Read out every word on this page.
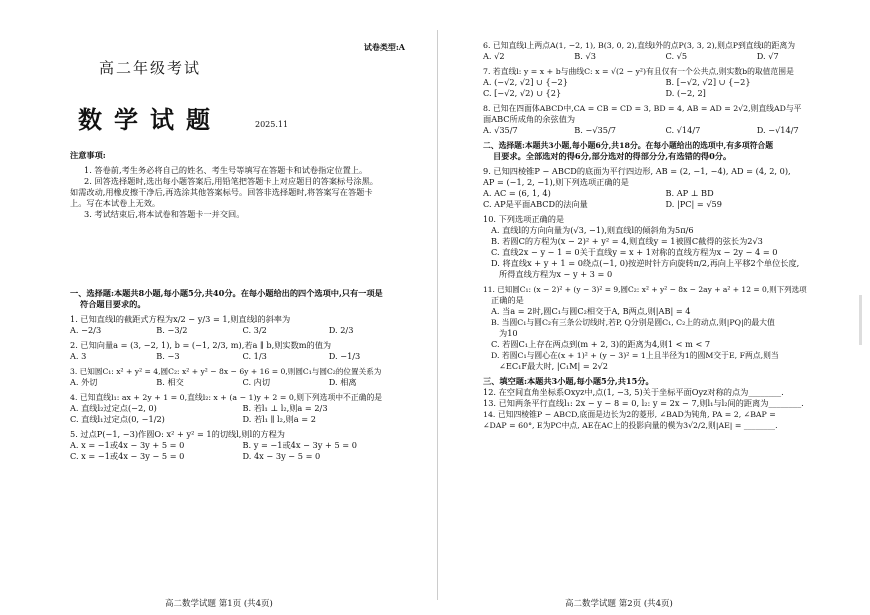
试卷类型:A
高二年级考试
数学试题	2025.11
注意事项:
1. 答卷前,考生务必将自己的姓名、考生号等填写在答题卡和试卷指定位置上。
2. 回答选择题时,选出每小题答案后,用铅笔把答题卡上对应题目的答案标号涂黑。
如需改动,用橡皮擦干净后,再选涂其他答案标号。回答非选择题时,将答案写在答题卡
上。写在本试卷上无效。
3. 考试结束后,将本试卷和答题卡一并交回。
一、选择题:本题共8小题,每小题5分,共40分。在每小题给出的四个选项中,只有一项是
符合题目要求的。
1. 已知直线l的截距式方程为x/2 − y/3 = 1,则直线l的斜率为
A. −2/3	B. −3/2	C. 3/2	D. 2/3
2. 已知向量a = (3, −2, 1), b = (−1, 2/3, m),若a ∥ b,则实数m的值为
A. 3	B. −3	C. 1/3	D. −1/3
3. 已知圆C₁: x² + y² = 4,圆C₂: x² + y² − 8x − 6y + 16 = 0,则圆C₁与圆C₂的位置关系为
A. 外切	B. 相交	C. 内切	D. 相离
4. 已知直线l₁: ax + 2y + 1 = 0,直线l₂: x + (a − 1)y + 2 = 0,则下列选项中不正确的是
A. 直线l₂过定点(−2, 0)	B. 若l₁ ⊥ l₂,则a = 2/3
C. 直线l₁过定点(0, −1/2)	D. 若l₁ ∥ l₂,则a = 2
5. 过点P(−1, −3)作圆O: x² + y² = 1的切线l,则l的方程为
A. x = −1或4x − 3y + 5 = 0	B. y = −1或4x − 3y + 5 = 0
C. x = −1或4x − 3y − 5 = 0	D. 4x − 3y − 5 = 0
高二数学试题 第1页 (共4页)
6. 已知直线l上两点A(1, −2, 1), B(3, 0, 2),直线l外的点P(3, 3, 2),则点P到直线l的距离为
A. √2	B. √3	C. √5	D. √7
7. 若直线l: y = x + b与曲线C: x = √(2 − y²)有且仅有一个公共点,则实数b的取值范围是
A. (−√2, √2] ∪ {−2}	B. [−√2, √2] ∪ {−2}
C. [−√2, √2) ∪ {2}	D. (−2, 2]
8. 已知在四面体ABCD中,CA = CB = CD = 3, BD = 4, AB = AD = 2√2,则直线AD与平
面ABC所成角的余弦值为
A. √35/7	B. −√35/7	C. √14/7	D. −√14/7
二、选择题:本题共3小题,每小题6分,共18分。在每小题给出的选项中,有多项符合题
目要求。全部选对的得6分,部分选对的得部分分,有选错的得0分。
9. 已知四棱锥P − ABCD的底面为平行四边形, AB = (2, −1, −4), AD = (4, 2, 0),
AP = (−1, 2, −1),则下列选项正确的是
A. AC = (6, 1, 4)	B. AP ⊥ BD
C. AP是平面ABCD的法向量	D. |PC| = √59
10. 下列选项正确的是
A. 直线l的方向向量为(√3, −1),则直线l的倾斜角为5π/6
B. 若圆C的方程为(x − 2)² + y² = 4,则直线y = 1被圆C截得的弦长为2√3
C. 直线2x − y − 1 = 0关于直线y = x + 1对称的直线方程为x − 2y − 4 = 0
D. 将直线x + y + 1 = 0绕点(−1, 0)按逆时针方向旋转π/2,再向上平移2个单位长度,
所得直线方程为x − y + 3 = 0
11. 已知圆C₁: (x − 2)² + (y − 3)² = 9,圆C₂: x² + y² − 8x − 2ay + a² + 12 = 0,则下列选项
正确的是
A. 当a = 2时,圆C₁与圆C₂相交于A, B两点,则|AB| = 4
B. 当圆C₁与圆C₂有三条公切线时,若P, Q分别是圆C₁, C₂上的动点,则|PQ|的最大值
为10
C. 若圆C₁上存在两点到(m + 2, 3)的距离为4,则1 < m < 7
D. 若圆C₁与圆心在(x + 1)² + (y − 3)² = 1上且半径为1的圆M交于E, F两点,则当
∠EC₁F最大时, |C₁M| = 2√2
三、填空题:本题共3小题,每小题5分,共15分。
12. 在空间直角坐标系Oxyz中,点(1, −3, 5)关于坐标平面Oyz对称的点为________.
13. 已知两条平行直线l₁: 2x − y − 8 = 0, l₂: y = 2x − 7,则l₁与l₂间的距离为________.
14. 已知四棱锥P − ABCD,底面是边长为2的菱形, ∠BAD为钝角, PA = 2, ∠BAP =
∠DAP = 60°, E为PC中点, AE在AC上的投影向量的模为3√2/2,则|AE| = ________.
高二数学试题 第2页 (共4页)
